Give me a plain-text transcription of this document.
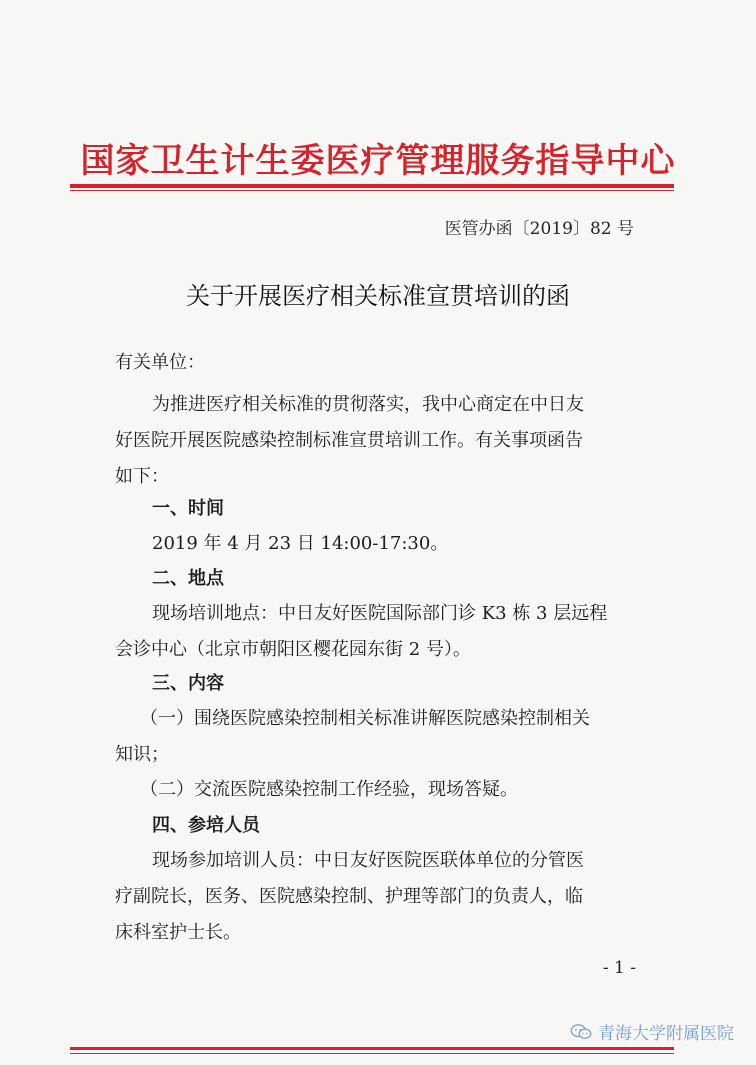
国家卫生计生委医疗管理服务指导中心
医管办函〔2019〕82 号
关于开展医疗相关标准宣贯培训的函
有关单位：
为推进医疗相关标准的贯彻落实，我中心商定在中日友
好医院开展医院感染控制标准宣贯培训工作。有关事项函告
如下：
一、时间
2019 年 4 月 23 日 14:00-17:30。
二、地点
现场培训地点：中日友好医院国际部门诊 K3 栋 3 层远程
会诊中心（北京市朝阳区樱花园东街 2 号）。
三、内容
（一）围绕医院感染控制相关标准讲解医院感染控制相关
知识；
（二）交流医院感染控制工作经验，现场答疑。
四、参培人员
现场参加培训人员：中日友好医院医联体单位的分管医
疗副院长，医务、医院感染控制、护理等部门的负责人，临
床科室护士长。
- 1 -
青海大学附属医院
